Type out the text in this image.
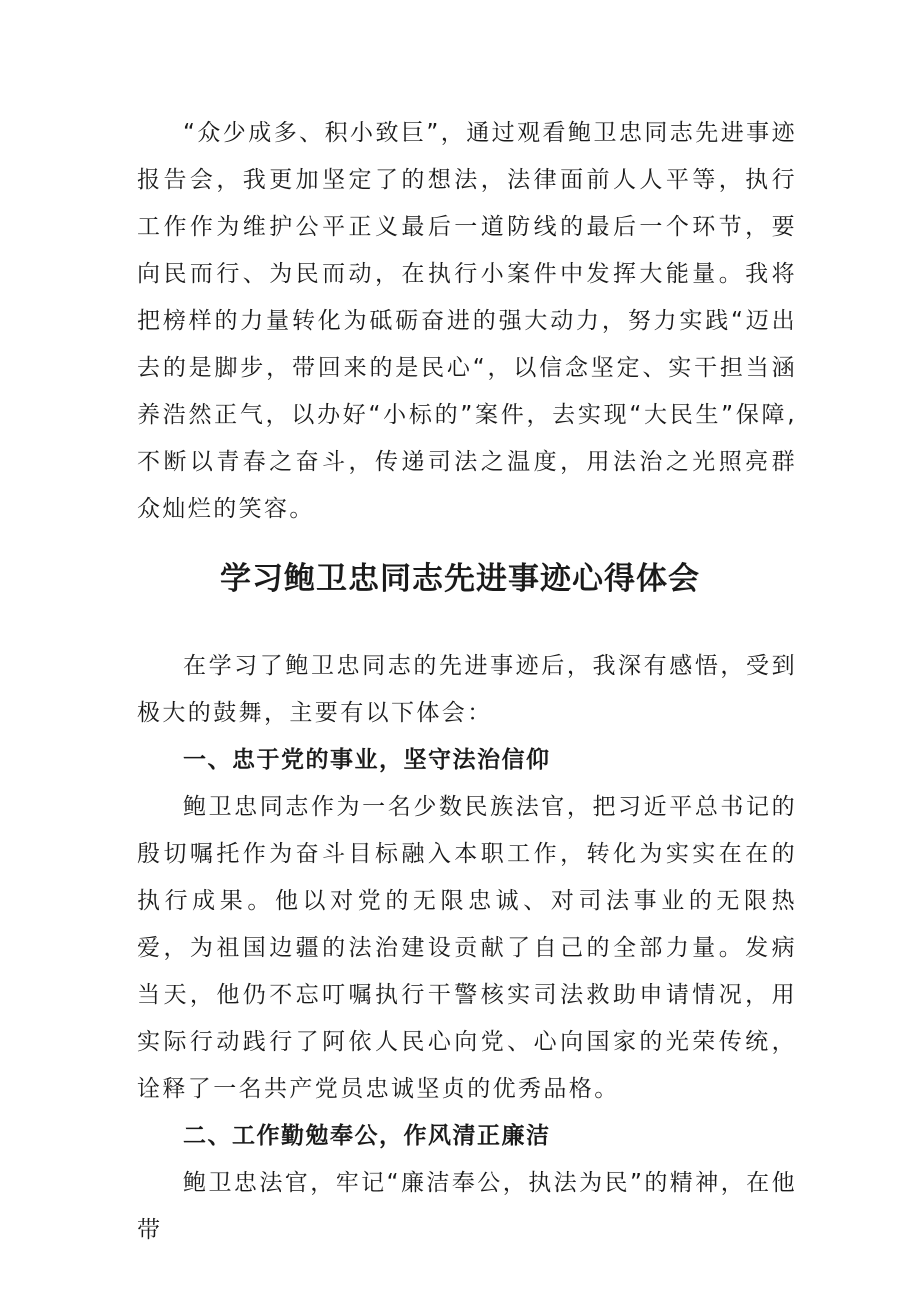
“众少成多、积小致巨”，通过观看鲍卫忠同志先进事迹报告会，我更加坚定了的想法，法律面前人人平等，执行工作作为维护公平正义最后一道防线的最后一个环节，要向民而行、为民而动，在执行小案件中发挥大能量。我将把榜样的力量转化为砥砺奋进的强大动力，努力实践“迈出去的是脚步，带回来的是民心“，以信念坚定、实干担当涵养浩然正气，以办好“小标的”案件，去实现“大民生”保障,不断以青春之奋斗，传递司法之温度，用法治之光照亮群众灿烂的笑容。

学习鲍卫忠同志先进事迹心得体会

在学习了鲍卫忠同志的先进事迹后，我深有感悟，受到极大的鼓舞，主要有以下体会：

一、忠于党的事业，坚守法治信仰

鲍卫忠同志作为一名少数民族法官，把习近平总书记的殷切嘱托作为奋斗目标融入本职工作，转化为实实在在的执行成果。他以对党的无限忠诚、对司法事业的无限热爱，为祖国边疆的法治建设贡献了自己的全部力量。发病当天，他仍不忘叮嘱执行干警核实司法救助申请情况，用实际行动践行了阿依人民心向党、心向国家的光荣传统，诠释了一名共产党员忠诚坚贞的优秀品格。

二、工作勤勉奉公，作风清正廉洁

鲍卫忠法官，牢记“廉洁奉公，执法为民”的精神，在他带
